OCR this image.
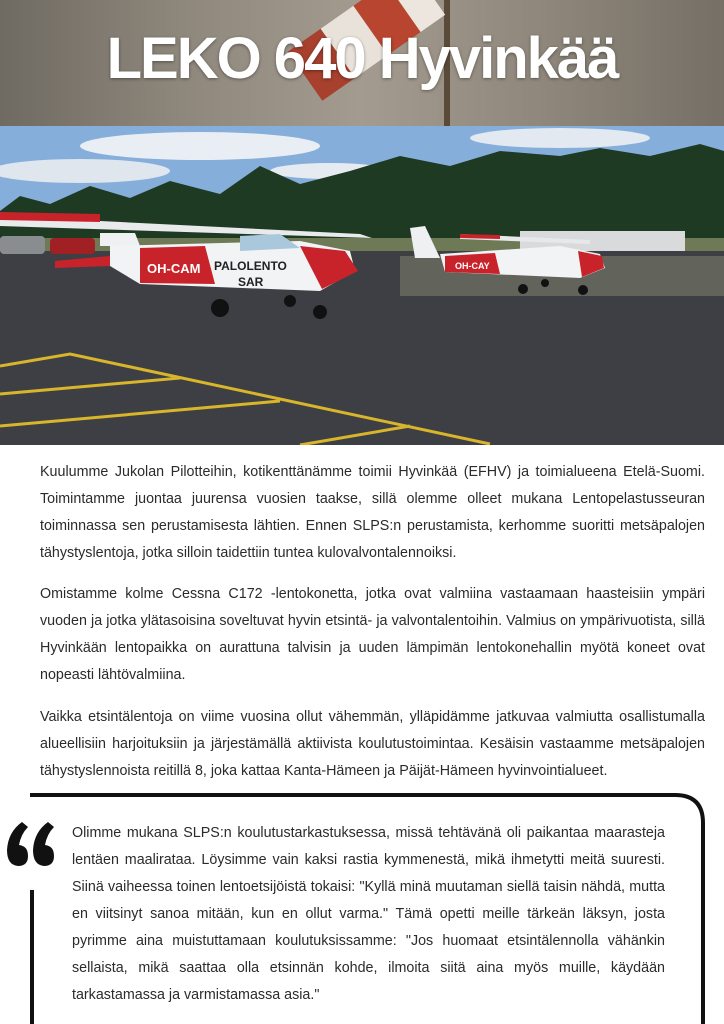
LEKO 640 Hyvinkää
OH-CAM PALOLENTO
SAR
OH-CAY
Kuulumme Jukolan Pilotteihin, kotikenttänämme toimii Hyvinkää (EFHV) ja toimialueena Etelä-Suomi. Toimintamme juontaa juurensa vuosien taakse, sillä olemme olleet mukana Lentopelastusseuran toiminnassa sen perustamisesta lähtien. Ennen SLPS:n perustamista, kerhomme suoritti metsäpalojen tähystyslentoja, jotka silloin taidettiin tuntea kulovalvontalennoiksi.
Omistamme kolme Cessna C172 -lentokonetta, jotka ovat valmiina vastaamaan haasteisiin ympäri vuoden ja jotka ylätasoisina soveltuvat hyvin etsintä- ja valvontalentoihin. Valmius on ympärivuotista, sillä Hyvinkään lentopaikka on aurattuna talvisin ja uuden lämpimän lentokonehallin myötä koneet ovat nopeasti lähtövalmiina.
Vaikka etsintälentoja on viime vuosina ollut vähemmän, ylläpidämme jatkuvaa valmiutta osallistumalla alueellisiin harjoituksiin ja järjestämällä aktiivista koulutustoimintaa. Kesäisin vastaamme metsäpalojen tähystyslennoista reitillä 8, joka kattaa Kanta-Hämeen ja Päijät-Hämeen hyvinvointialueet.
Olimme mukana SLPS:n koulutustarkastuksessa, missä tehtävänä oli paikantaa maarasteja lentäen maalirataa. Löysimme vain kaksi rastia kymmenestä, mikä ihmetytti meitä suuresti. Siinä vaiheessa toinen lentoetsijöistä tokaisi: "Kyllä minä muutaman siellä taisin nähdä, mutta en viitsinyt sanoa mitään, kun en ollut varma." Tämä opetti meille tärkeän läksyn, josta pyrimme aina muistuttamaan koulutuksissamme: "Jos huomaat etsintälennolla vähänkin sellaista, mikä saattaa olla etsinnän kohde, ilmoita siitä aina myös muille, käydään tarkastamassa ja varmistamassa asia."
